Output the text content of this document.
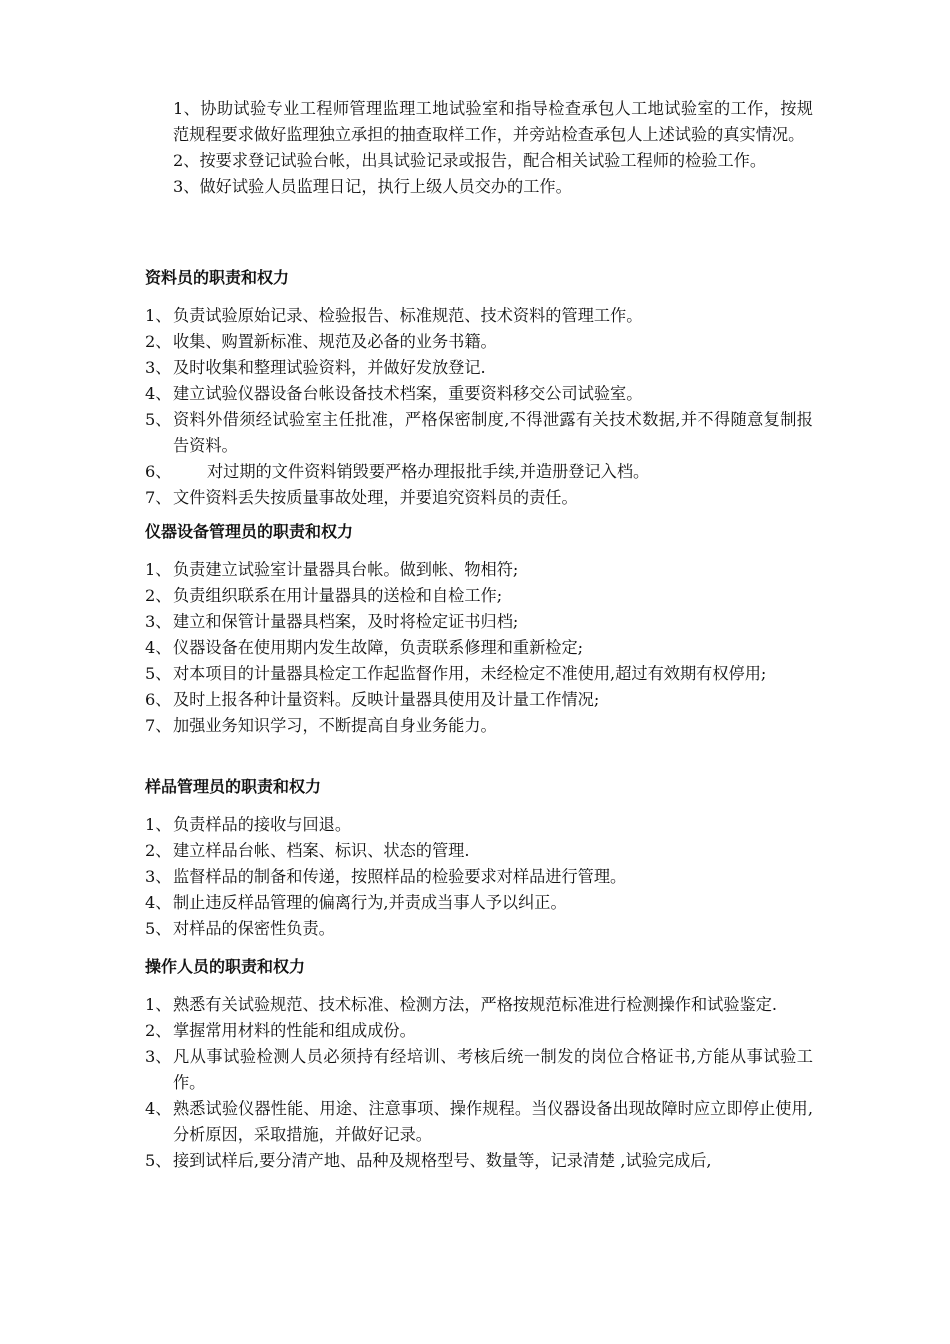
1、协助试验专业工程师管理监理工地试验室和指导检查承包人工地试验室的工作，按规范规程要求做好监理独立承担的抽查取样工作，并旁站检查承包人上述试验的真实情况。
2、按要求登记试验台帐，出具试验记录或报告，配合相关试验工程师的检验工作。
3、做好试验人员监理日记，执行上级人员交办的工作。
资料员的职责和权力
1、 负责试验原始记录、检验报告、标准规范、技术资料的管理工作。
2、 收集、购置新标准、规范及必备的业务书籍。
3、 及时收集和整理试验资料，并做好发放登记.
4、 建立试验仪器设备台帐设备技术档案，重要资料移交公司试验室。
5、 资料外借须经试验室主任批准，严格保密制度,不得泄露有关技术数据,并不得随意复制报告资料。
6、	对过期的文件资料销毁要严格办理报批手续,并造册登记入档。
7、 文件资料丢失按质量事故处理，并要追究资料员的责任。
仪器设备管理员的职责和权力
1、 负责建立试验室计量器具台帐。做到帐、物相符;
2、 负责组织联系在用计量器具的送检和自检工作;
3、 建立和保管计量器具档案，及时将检定证书归档;
4、 仪器设备在使用期内发生故障，负责联系修理和重新检定;
5、 对本项目的计量器具检定工作起监督作用，未经检定不准使用,超过有效期有权停用;
6、 及时上报各种计量资料。反映计量器具使用及计量工作情况;
7、 加强业务知识学习，不断提高自身业务能力。
样品管理员的职责和权力
1、 负责样品的接收与回退。
2、 建立样品台帐、档案、标识、状态的管理.
3、 监督样品的制备和传递，按照样品的检验要求对样品进行管理。
4、 制止违反样品管理的偏离行为,并责成当事人予以纠正。
5、 对样品的保密性负责。
操作人员的职责和权力
1、 熟悉有关试验规范、技术标准、检测方法，严格按规范标准进行检测操作和试验鉴定.
2、 掌握常用材料的性能和组成成份。
3、 凡从事试验检测人员必须持有经培训、考核后统一制发的岗位合格证书,方能从事试验工作。
4、 熟悉试验仪器性能、用途、注意事项、操作规程。当仪器设备出现故障时应立即停止使用,分析原因，采取措施，并做好记录。
5、 接到试样后,要分清产地、品种及规格型号、数量等，记录清楚 ,试验完成后,
